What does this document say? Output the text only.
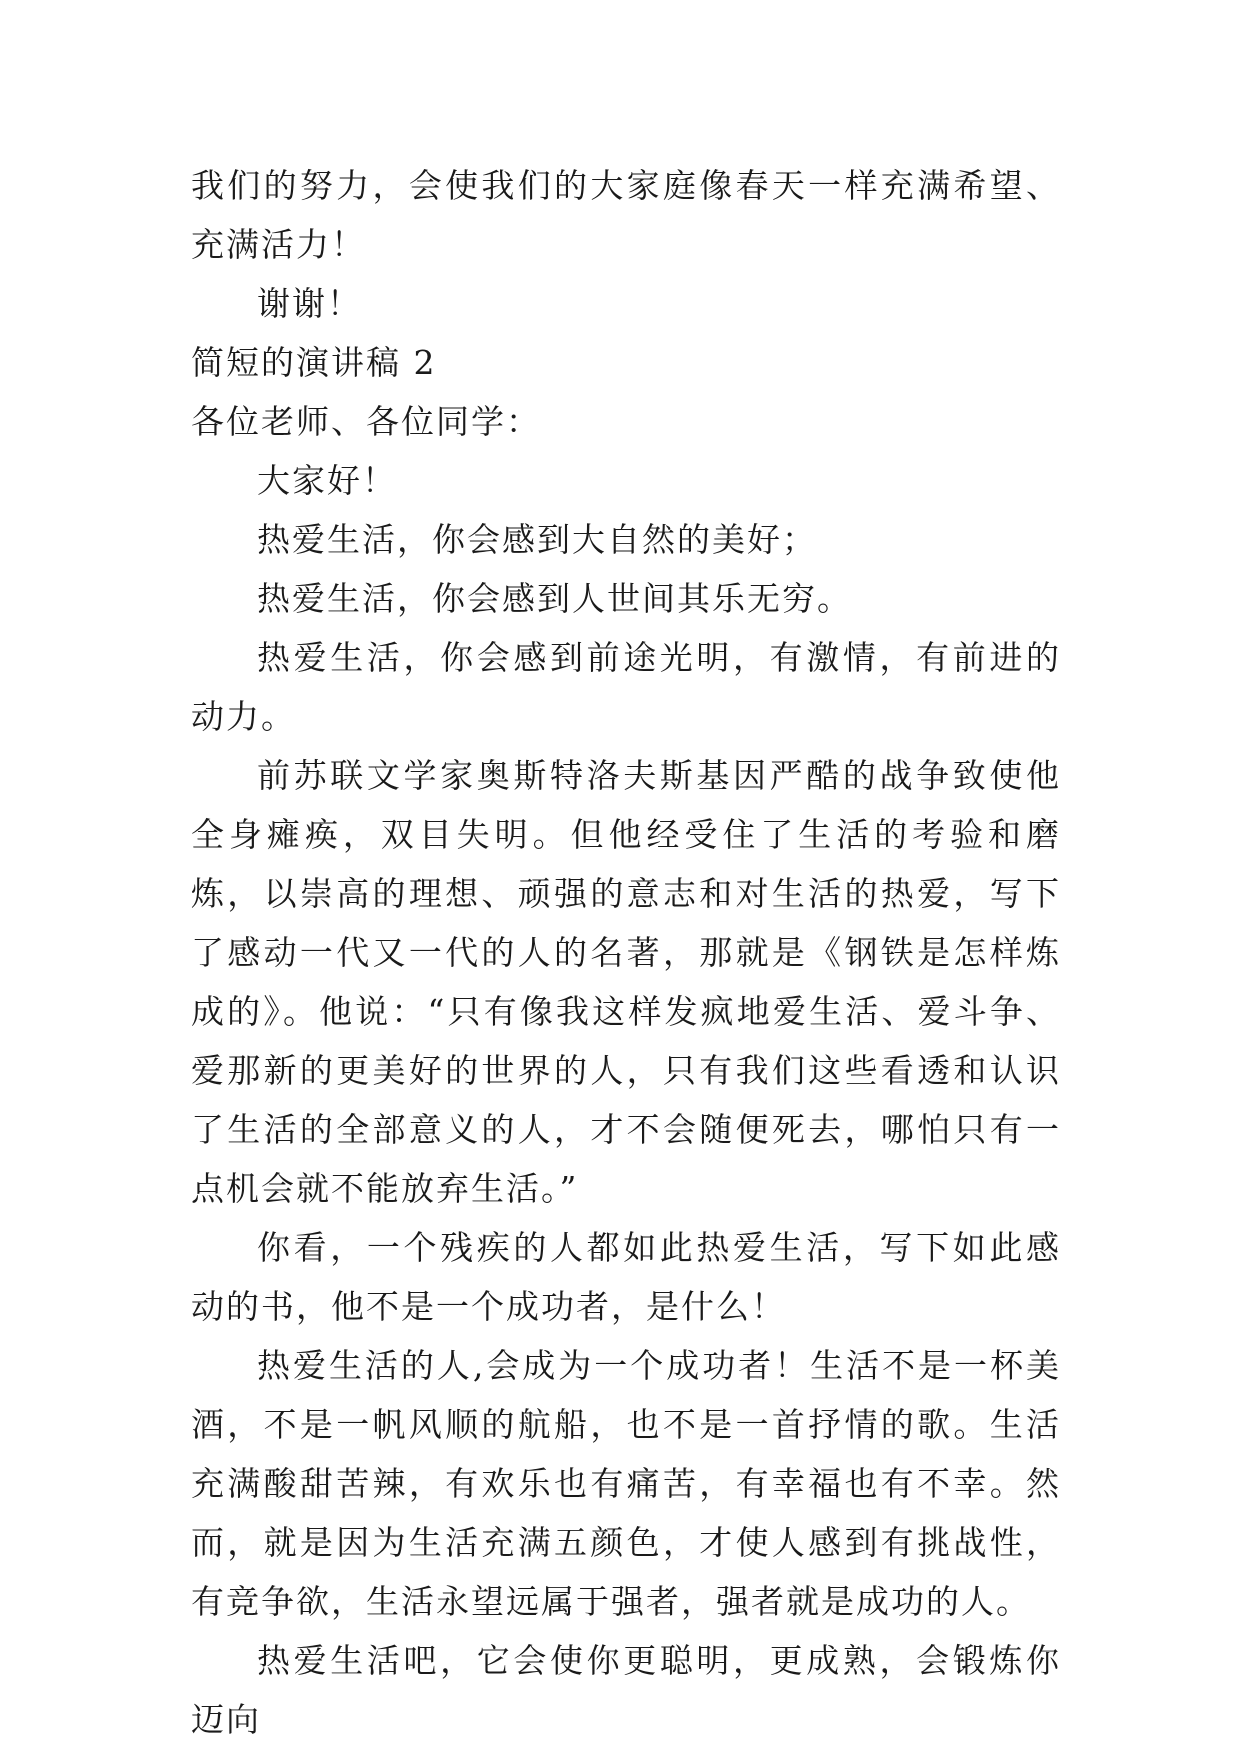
我们的努力，会使我们的大家庭像春天一样充满希望、充满活力！

谢谢！

简短的演讲稿 2

各位老师、各位同学：

大家好！

热爱生活，你会感到大自然的美好；

热爱生活，你会感到人世间其乐无穷。

热爱生活，你会感到前途光明，有激情，有前进的动力。

前苏联文学家奥斯特洛夫斯基因严酷的战争致使他全身瘫痪，双目失明。但他经受住了生活的考验和磨炼，以崇高的理想、顽强的意志和对生活的热爱，写下了感动一代又一代的人的名著，那就是《钢铁是怎样炼成的》。他说：“只有像我这样发疯地爱生活、爱斗争、爱那新的更美好的世界的人，只有我们这些看透和认识了生活的全部意义的人，才不会随便死去，哪怕只有一点机会就不能放弃生活。”

你看，一个残疾的人都如此热爱生活，写下如此感动的书，他不是一个成功者，是什么！

热爱生活的人,会成为一个成功者！生活不是一杯美酒，不是一帆风顺的航船，也不是一首抒情的歌。生活充满酸甜苦辣，有欢乐也有痛苦，有幸福也有不幸。然而，就是因为生活充满五颜色，才使人感到有挑战性，有竞争欲，生活永望远属于强者，强者就是成功的人。

热爱生活吧，它会使你更聪明，更成熟，会锻炼你迈向
